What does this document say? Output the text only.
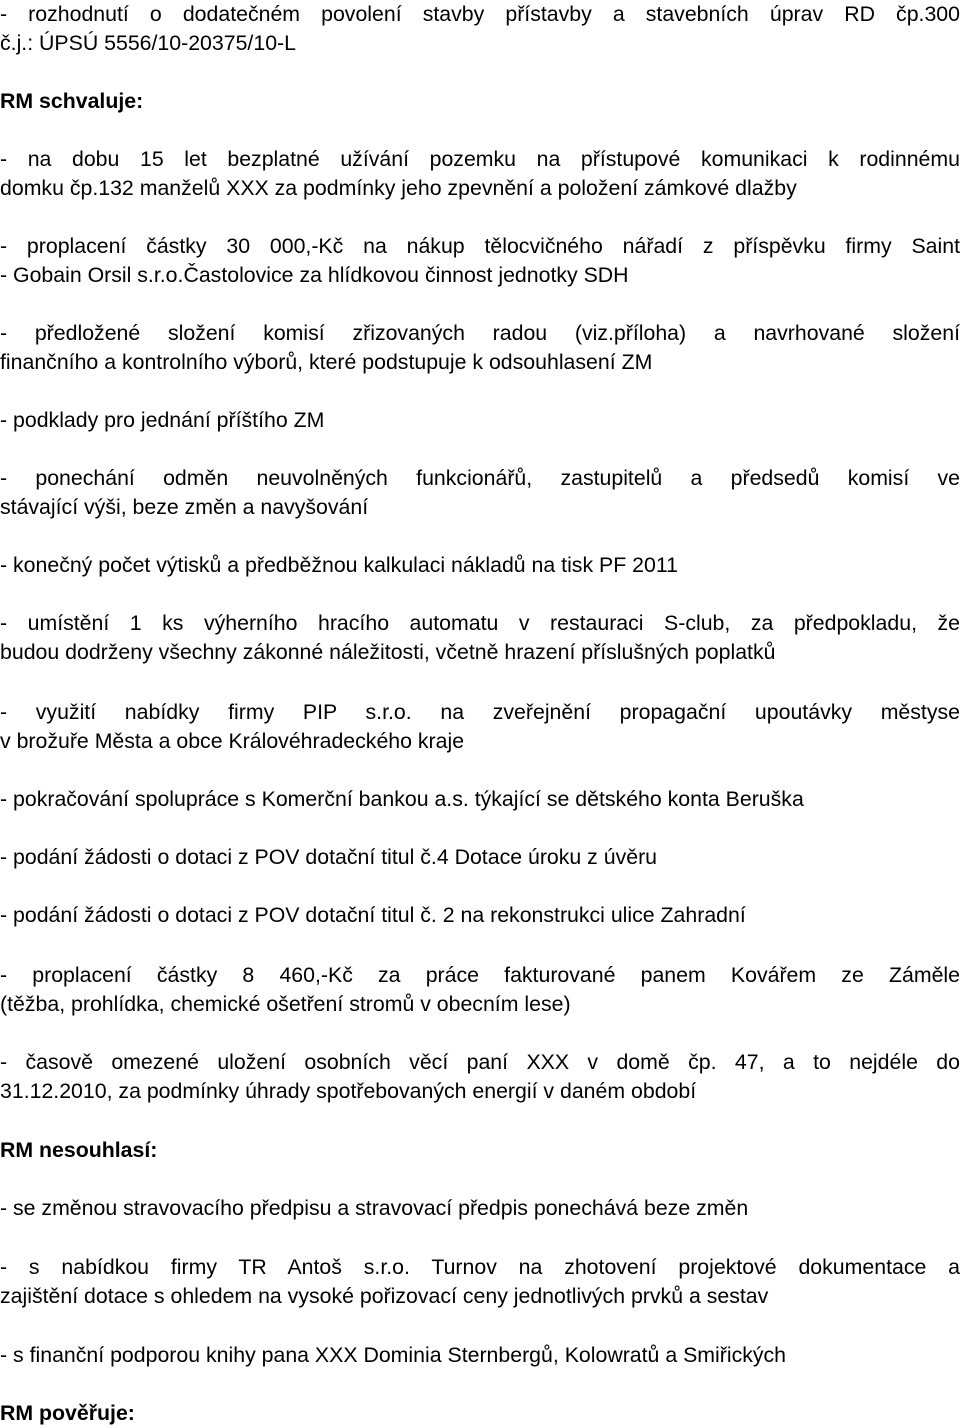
- rozhodnutí o dodatečném povolení stavby přístavby a stavebních úprav RD čp.300

č.j.: ÚPSÚ 5556/10-20375/10-L

RM schvaluje:

- na dobu 15 let bezplatné užívání pozemku na přístupové komunikaci k rodinnému

domku čp.132 manželů XXX za podmínky jeho zpevnění a položení zámkové dlažby

- proplacení částky 30 000,-Kč na nákup tělocvičného nářadí z příspěvku firmy Saint

- Gobain Orsil s.r.o.Častolovice za hlídkovou činnost jednotky SDH

- předložené složení komisí zřizovaných radou (viz.příloha) a navrhované složení

finančního a kontrolního výborů, které podstupuje k odsouhlasení ZM

- podklady pro jednání příštího ZM

- ponechání odměn neuvolněných funkcionářů, zastupitelů a předsedů komisí ve

stávající výši, beze změn a navyšování

- konečný počet výtisků a předběžnou kalkulaci nákladů na tisk PF 2011

- umístění 1 ks výherního hracího automatu v restauraci S-club, za předpokladu, že

budou dodrženy všechny zákonné náležitosti, včetně hrazení příslušných poplatků

- využití nabídky firmy PIP s.r.o. na zveřejnění propagační upoutávky městyse

v brožuře Města a obce Královéhradeckého kraje

- pokračování spolupráce s Komerční bankou a.s. týkající se dětského konta Beruška

- podání žádosti o dotaci z POV dotační titul č.4 Dotace úroku z úvěru

- podání žádosti o dotaci z POV dotační titul č. 2 na rekonstrukci ulice Zahradní

- proplacení částky 8 460,-Kč za práce fakturované panem Kovářem ze Záměle

(těžba, prohlídka, chemické ošetření stromů v obecním lese)

- časově omezené uložení osobních věcí paní XXX v domě čp. 47, a to nejdéle do

31.12.2010, za podmínky úhrady spotřebovaných energií v daném období

RM nesouhlasí:

- se změnou stravovacího předpisu a stravovací předpis ponechává beze změn

- s nabídkou firmy TR Antoš s.r.o. Turnov na zhotovení projektové dokumentace a

zajištění dotace s ohledem na vysoké pořizovací ceny jednotlivých prvků a sestav

- s finanční podporou knihy pana XXX Dominia Sternbergů, Kolowratů a Smiřických

RM pověřuje:
